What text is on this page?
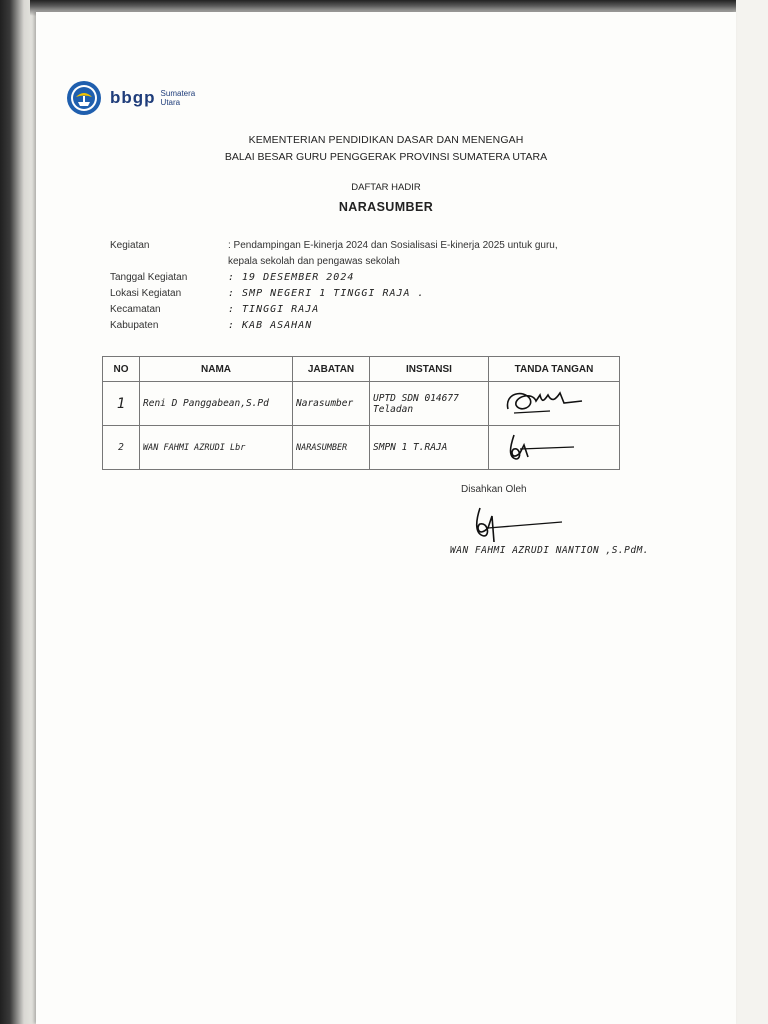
bbgp Sumatera Utara
KEMENTERIAN PENDIDIKAN DASAR DAN MENENGAH
BALAI BESAR GURU PENGGERAK PROVINSI SUMATERA UTARA
DAFTAR HADIR
NARASUMBER
Kegiatan	: Pendampingan E-kinerja 2024 dan Sosialisasi E-kinerja 2025 untuk guru,
kepala sekolah dan pengawas sekolah
Tanggal Kegiatan	: 19 DESEMBER 2024
Lokasi Kegiatan	: SMP NEGERI 1 TINGGI RAJA .
Kecamatan	: TINGGI RAJA
Kabupaten	: KAB ASAHAN
NO	NAMA	JABATAN	INSTANSI	TANDA TANGAN
1	Reni D Panggabean,S.Pd	Narasumber	UPTD SDN 014677 Teladan	
2	WAN FAHMI AZRUDI Lbr	NARASUMBER	SMPN 1 T.RAJA	
Disahkan Oleh
WAN FAHMI AZRUDI NANTION ,S.PdM.
